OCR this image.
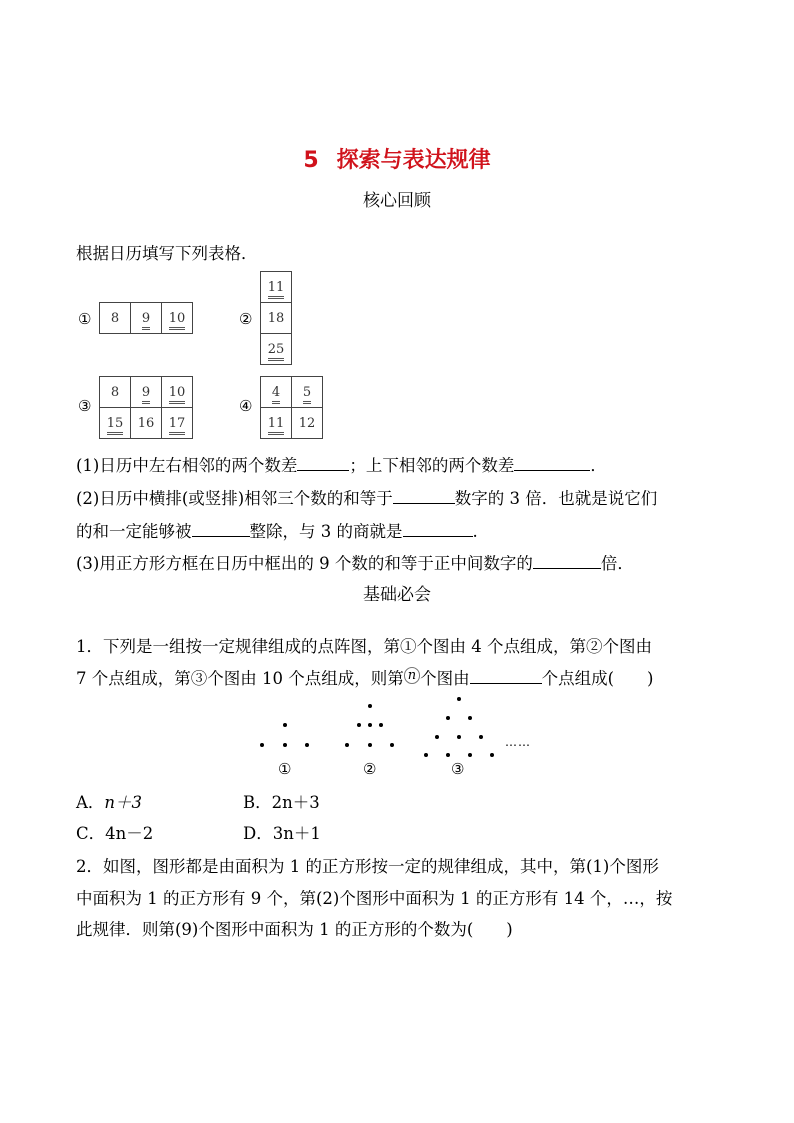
5 探索与表达规律
核心回顾
根据日历填写下列表格．
① 8	9	10	②
11
18
25
③
8	9	10
15	16	17
④
4	5
11	12
(1)日历中左右相邻的两个数差	；上下相邻的两个数差	．
(2)日历中横排(或竖排)相邻三个数的和等于	数字的 3 倍．也就是说它们
的和一定能够被	整除，与 3 的商就是	.
(3)用正方形方框在日历中框出的 9 个数的和等于正中间数字的	倍．
基础必会
1．下列是一组按一定规律组成的点阵图，第①个图由 4 个点组成，第②个图由
7 个点组成，第③个图由 10 个点组成，则第 $^n$ 个图由	个点组成(　　)
①	②	③
……
A．n＋3	B．2n＋3
C．4n－2	D．3n＋1
2．如图，图形都是由面积为 1 的正方形按一定的规律组成，其中，第(1)个图形
中面积为 1 的正方形有 9 个，第(2)个图形中面积为 1 的正方形有 14 个，…，按
此规律．则第(9)个图形中面积为 1 的正方形的个数为(　　)
